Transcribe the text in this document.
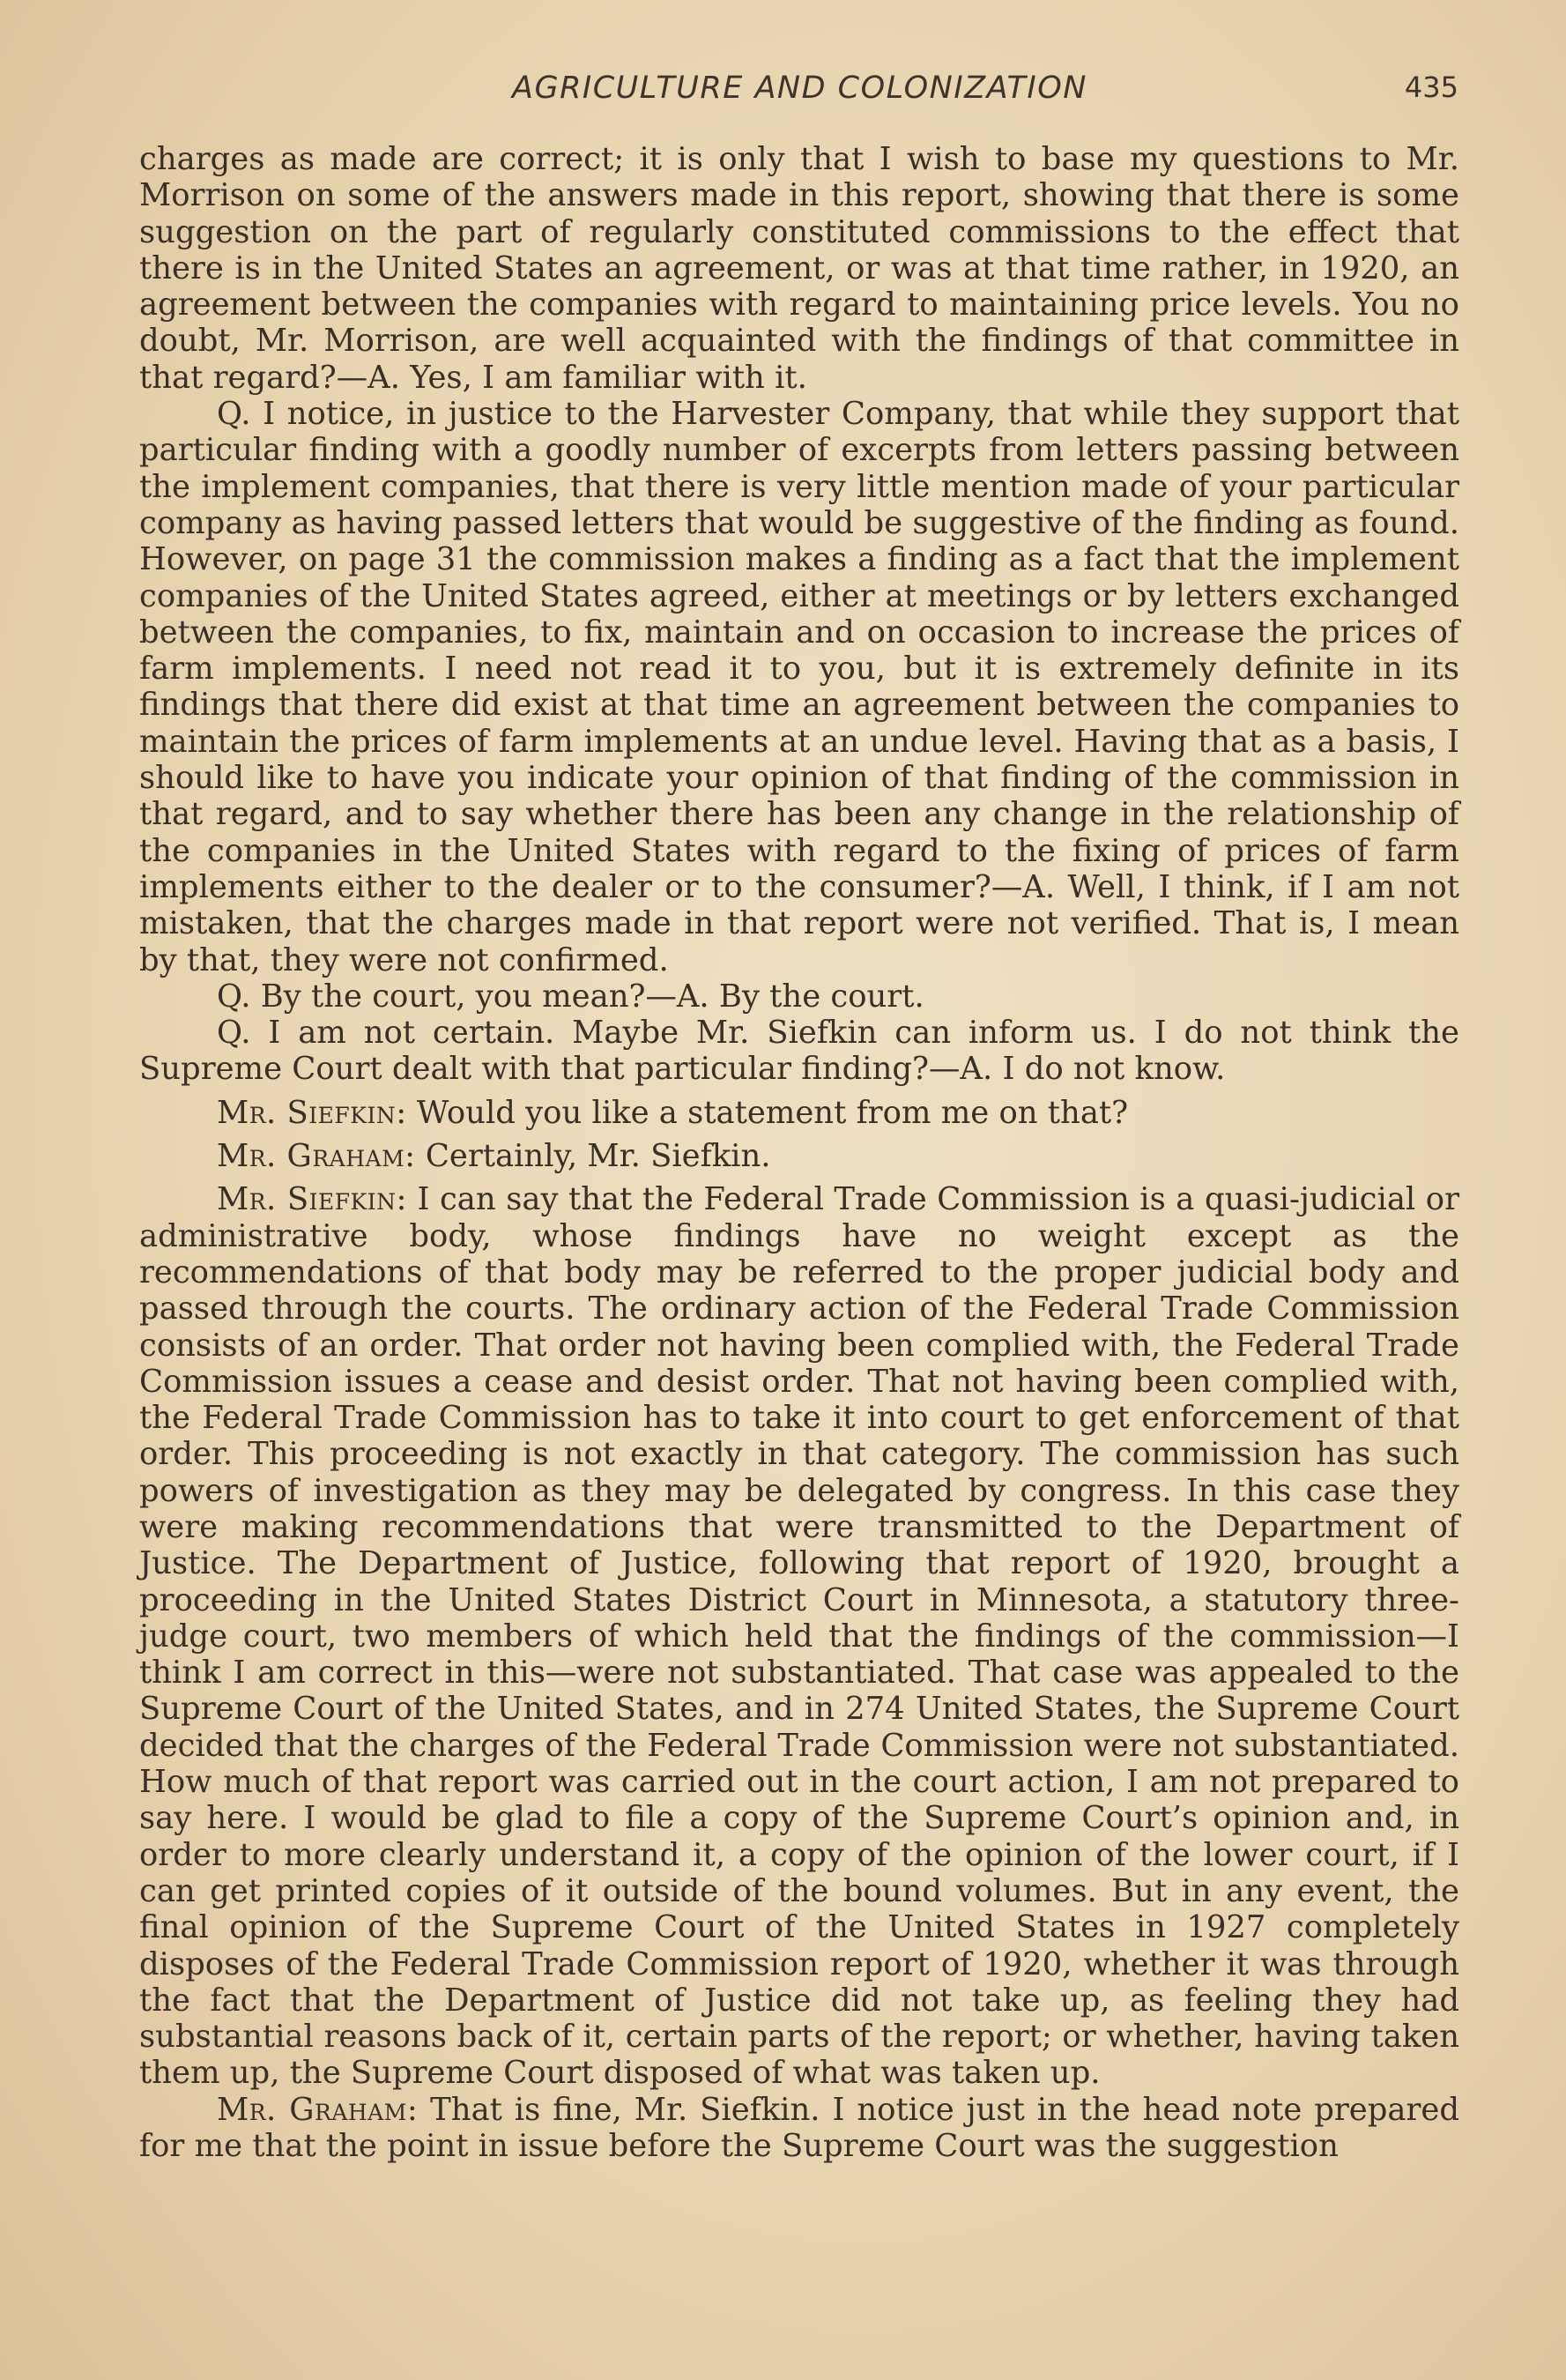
AGRICULTURE AND COLONIZATION	435

charges as made are correct; it is only that I wish to base my questions to Mr. Morrison on some of the answers made in this report, showing that there is some suggestion on the part of regularly constituted commissions to the effect that there is in the United States an agreement, or was at that time rather, in 1920, an agreement between the companies with regard to maintaining price levels. You no doubt, Mr. Morrison, are well acquainted with the findings of that committee in that regard?—A. Yes, I am familiar with it.

Q. I notice, in justice to the Harvester Company, that while they support that particular finding with a goodly number of excerpts from letters passing between the implement companies, that there is very little mention made of your particular company as having passed letters that would be suggestive of the finding as found. However, on page 31 the commission makes a finding as a fact that the implement companies of the United States agreed, either at meetings or by letters exchanged between the companies, to fix, maintain and on occasion to increase the prices of farm implements. I need not read it to you, but it is extremely definite in its findings that there did exist at that time an agreement between the companies to maintain the prices of farm implements at an undue level. Having that as a basis, I should like to have you indicate your opinion of that finding of the commission in that regard, and to say whether there has been any change in the relationship of the companies in the United States with regard to the fixing of prices of farm implements either to the dealer or to the consumer?—A. Well, I think, if I am not mistaken, that the charges made in that report were not verified. That is, I mean by that, they were not confirmed.

Q. By the court, you mean?—A. By the court.

Q. I am not certain. Maybe Mr. Siefkin can inform us. I do not think the Supreme Court dealt with that particular finding?—A. I do not know.

Mr. Siefkin: Would you like a statement from me on that?

Mr. Graham: Certainly, Mr. Siefkin.

Mr. Siefkin: I can say that the Federal Trade Commission is a quasi-judicial or administrative body, whose findings have no weight except as the recommendations of that body may be referred to the proper judicial body and passed through the courts. The ordinary action of the Federal Trade Commission consists of an order. That order not having been complied with, the Federal Trade Commission issues a cease and desist order. That not having been complied with, the Federal Trade Commission has to take it into court to get enforcement of that order. This proceeding is not exactly in that category. The commission has such powers of investigation as they may be delegated by congress. In this case they were making recommendations that were transmitted to the Department of Justice. The Department of Justice, following that report of 1920, brought a proceeding in the United States District Court in Minnesota, a statutory three-judge court, two members of which held that the findings of the commission—I think I am correct in this—were not substantiated. That case was appealed to the Supreme Court of the United States, and in 274 United States, the Supreme Court decided that the charges of the Federal Trade Commission were not substantiated. How much of that report was carried out in the court action, I am not prepared to say here. I would be glad to file a copy of the Supreme Court’s opinion and, in order to more clearly understand it, a copy of the opinion of the lower court, if I can get printed copies of it outside of the bound volumes. But in any event, the final opinion of the Supreme Court of the United States in 1927 completely disposes of the Federal Trade Commission report of 1920, whether it was through the fact that the Department of Justice did not take up, as feeling they had substantial reasons back of it, certain parts of the report; or whether, having taken them up, the Supreme Court disposed of what was taken up.

Mr. Graham: That is fine, Mr. Siefkin. I notice just in the head note prepared for me that the point in issue before the Supreme Court was the suggestion
